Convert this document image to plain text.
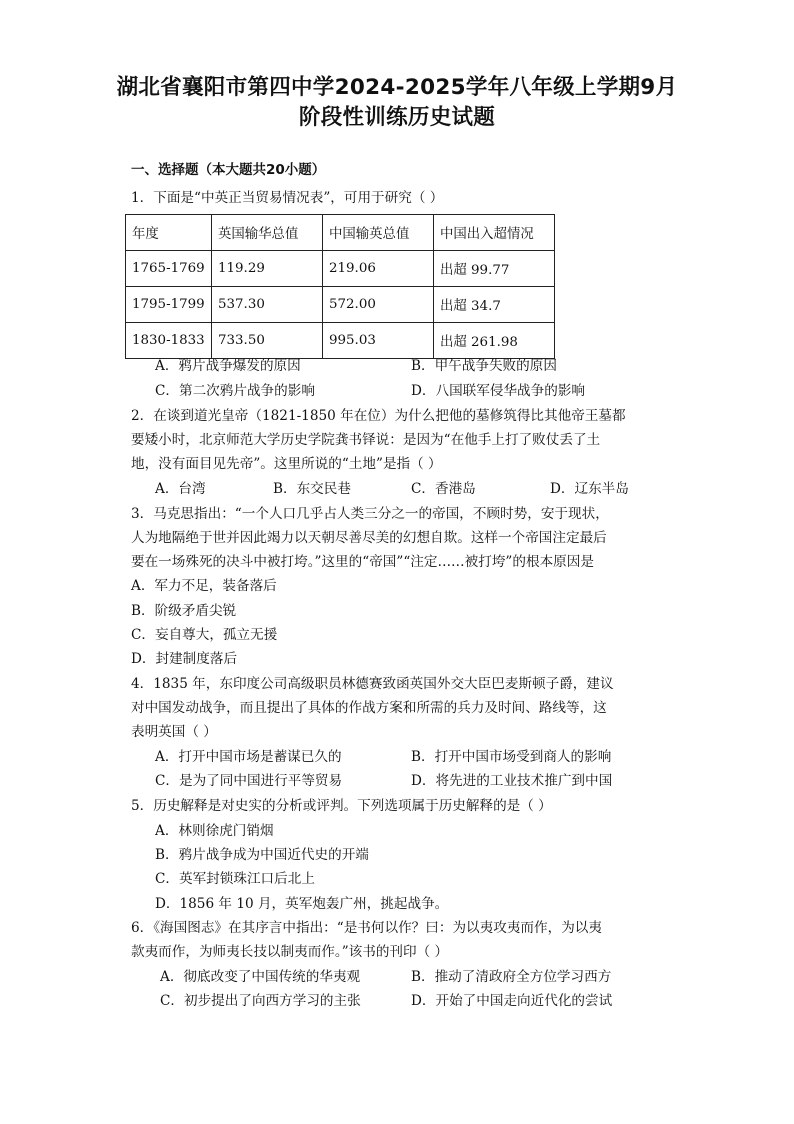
湖北省襄阳市第四中学2024-2025学年八年级上学期9月
阶段性训练历史试题
一、选择题（本大题共20小题）
1．下面是“中英正当贸易情况表”，可用于研究（ ）
年度	英国输华总值	中国输英总值	中国出入超情况
1765-1769	119.29	219.06	出超 99.77
1795-1799	537.30	572.00	出超 34.7
1830-1833	733.50	995.03	出超 261.98
A．鸦片战争爆发的原因	B．甲午战争失败的原因
C．第二次鸦片战争的影响	D．八国联军侵华战争的影响
2．在谈到道光皇帝（1821-1850 年在位）为什么把他的墓修筑得比其他帝王墓都
要矮小时，北京师范大学历史学院龚书铎说：是因为“在他手上打了败仗丢了土
地，没有面目见先帝”。这里所说的“土地”是指（ ）
A．台湾	B．东交民巷	C．香港岛	D．辽东半岛
3．马克思指出：“一个人口几乎占人类三分之一的帝国，不顾时势，安于现状，
人为地隔绝于世并因此竭力以天朝尽善尽美的幻想自欺。这样一个帝国注定最后
要在一场殊死的决斗中被打垮。”这里的“帝国”“注定……被打垮”的根本原因是
A．军力不足，装备落后
B．阶级矛盾尖锐
C．妄自尊大，孤立无援
D．封建制度落后
4．1835 年，东印度公司高级职员林德赛致函英国外交大臣巴麦斯顿子爵，建议
对中国发动战争，而且提出了具体的作战方案和所需的兵力及时间、路线等，这
表明英国（ ）
A．打开中国市场是蓄谋已久的	B．打开中国市场受到商人的影响
C．是为了同中国进行平等贸易	D．将先进的工业技术推广到中国
5．历史解释是对史实的分析或评判。下列选项属于历史解释的是（ ）
A．林则徐虎门销烟
B．鸦片战争成为中国近代史的开端
C．英军封锁珠江口后北上
D．1856 年 10 月，英军炮轰广州，挑起战争。
6．《海国图志》在其序言中指出：“是书何以作？曰：为以夷攻夷而作，为以夷
款夷而作，为师夷长技以制夷而作。”该书的刊印（ ）
A．彻底改变了中国传统的华夷观	B．推动了清政府全方位学习西方
C．初步提出了向西方学习的主张	D．开始了中国走向近代化的尝试
